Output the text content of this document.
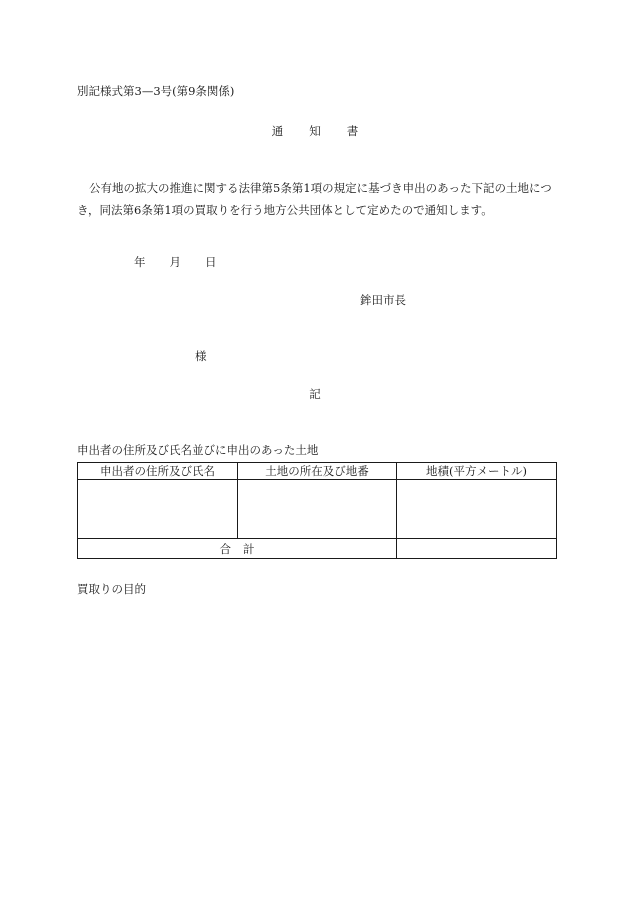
別記様式第3—3号(第9条関係)
通 知 書
公有地の拡大の推進に関する法律第5条第1項の規定に基づき申出のあった下記の土地につき，同法第6条第1項の買取りを行う地方公共団体として定めたので通知します。
年 月 日
鉾田市長
様
記
申出者の住所及び氏名並びに申出のあった土地
申出者の住所及び氏名	土地の所在及び地番	地積(平方メートル)

合 計		
買取りの目的
